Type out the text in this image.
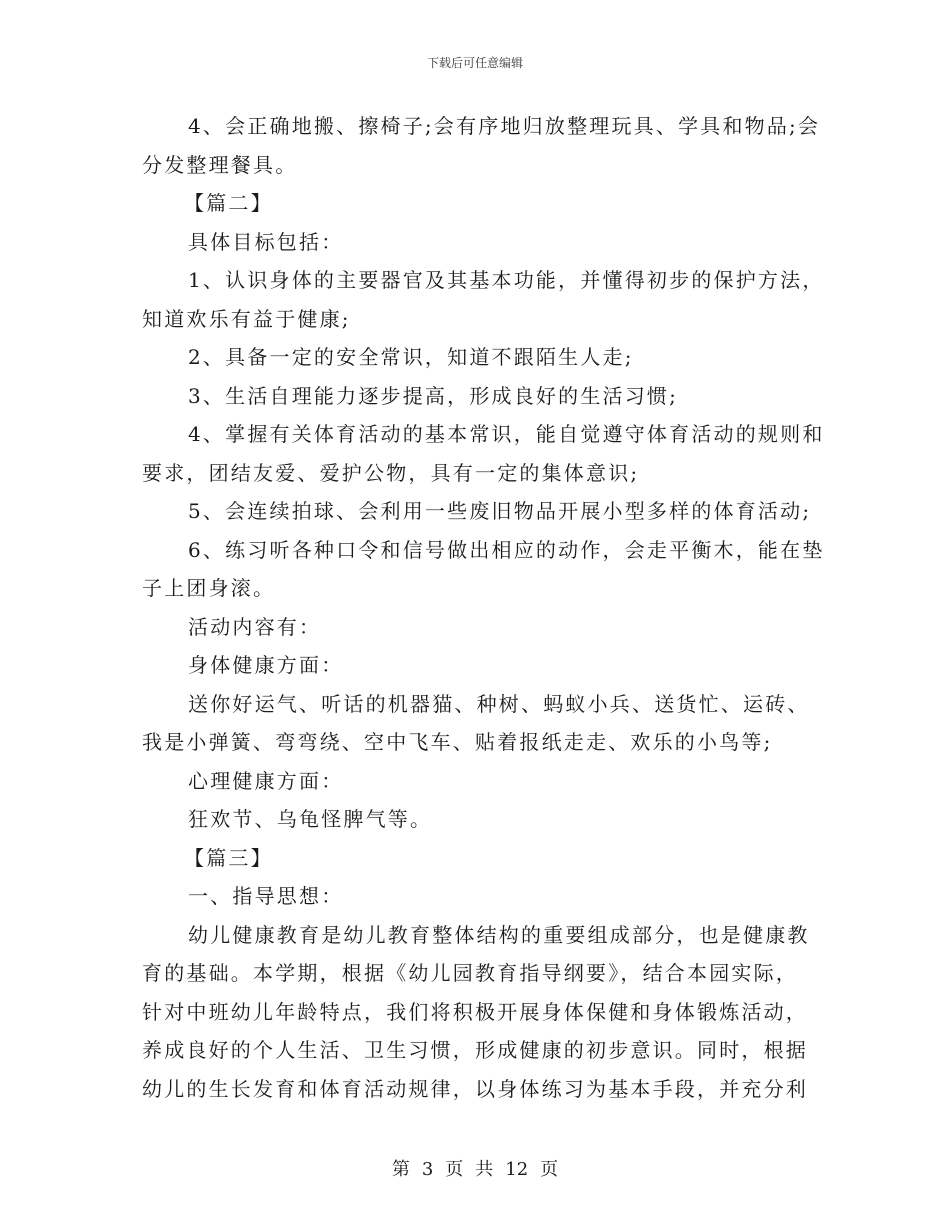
下载后可任意编辑
4、会正确地搬、擦椅子;会有序地归放整理玩具、学具和物品;会
分发整理餐具。
【篇二】
具体目标包括：
1、认识身体的主要器官及其基本功能，并懂得初步的保护方法，
知道欢乐有益于健康;
2、具备一定的安全常识，知道不跟陌生人走;
3、生活自理能力逐步提高，形成良好的生活习惯;
4、掌握有关体育活动的基本常识，能自觉遵守体育活动的规则和
要求，团结友爱、爱护公物，具有一定的集体意识;
5、会连续拍球、会利用一些废旧物品开展小型多样的体育活动;
6、练习听各种口令和信号做出相应的动作，会走平衡木，能在垫
子上团身滚。
活动内容有：
身体健康方面：
送你好运气、听话的机器猫、种树、蚂蚁小兵、送货忙、运砖、
我是小弹簧、弯弯绕、空中飞车、贴着报纸走走、欢乐的小鸟等;
心理健康方面：
狂欢节、乌龟怪脾气等。
【篇三】
一、指导思想：
幼儿健康教育是幼儿教育整体结构的重要组成部分，也是健康教
育的基础。本学期，根据《幼儿园教育指导纲要》，结合本园实际，
针对中班幼儿年龄特点，我们将积极开展身体保健和身体锻炼活动，
养成良好的个人生活、卫生习惯，形成健康的初步意识。同时，根据
幼儿的生长发育和体育活动规律，以身体练习为基本手段，并充分利
第 3 页 共 12 页
